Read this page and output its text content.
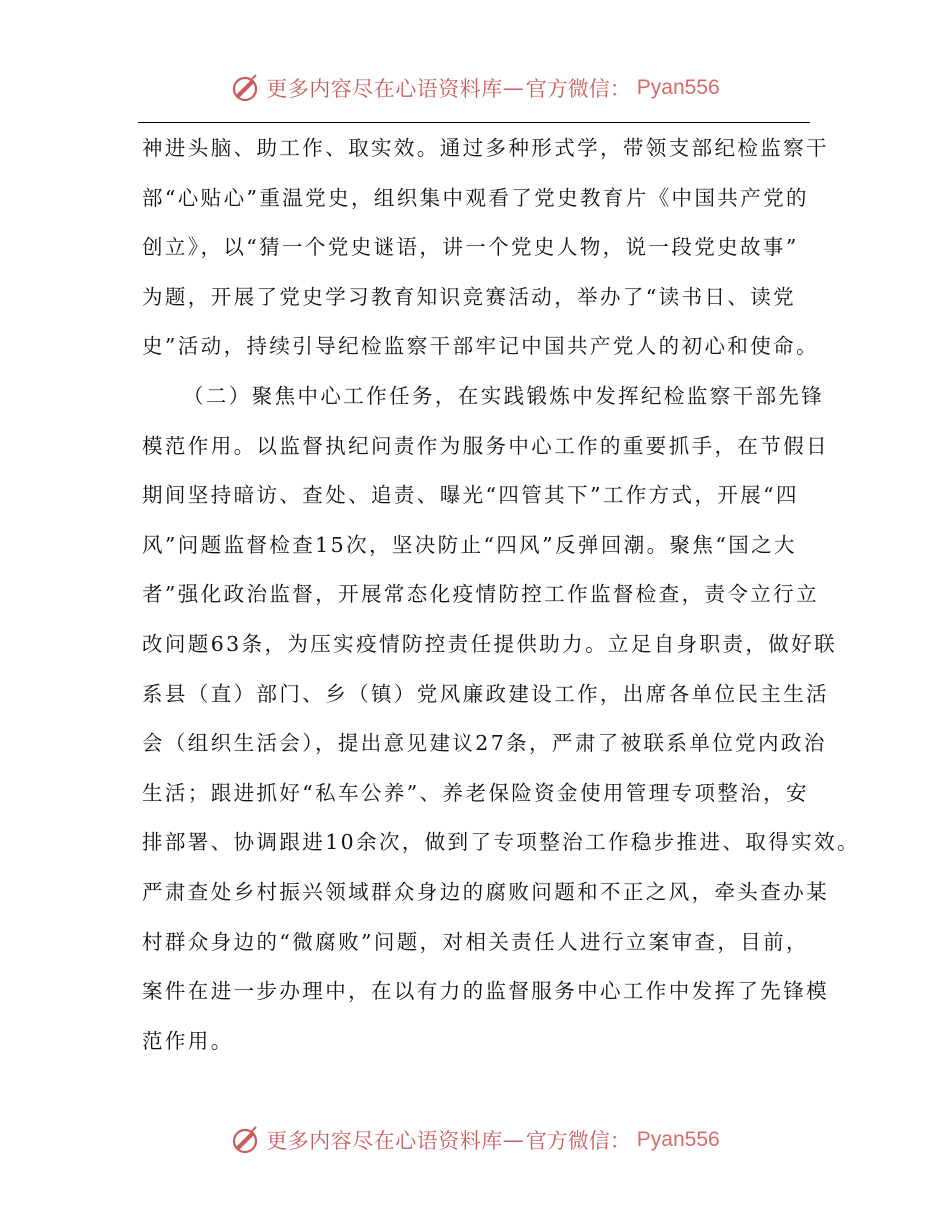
更多内容尽在心语资料库 — 官方微信： Pyan556
神进头脑、助工作、取实效。通过多种形式学，带领支部纪检监察干
部“心贴心”重温党史，组织集中观看了党史教育片《中国共产党的
创立》，以“猜一个党史谜语，讲一个党史人物，说一段党史故事”
为题，开展了党史学习教育知识竞赛活动，举办了“读书日、读党
史”活动，持续引导纪检监察干部牢记中国共产党人的初心和使命。
（二）聚焦中心工作任务，在实践锻炼中发挥纪检监察干部先锋
模范作用。以监督执纪问责作为服务中心工作的重要抓手，在节假日
期间坚持暗访、查处、追责、曝光“四管其下”工作方式，开展“四
风”问题监督检查15次，坚决防止“四风”反弹回潮。聚焦“国之大
者”强化政治监督，开展常态化疫情防控工作监督检查，责令立行立
改问题63条，为压实疫情防控责任提供助力。立足自身职责，做好联
系县（直）部门、乡（镇）党风廉政建设工作，出席各单位民主生活
会（组织生活会），提出意见建议27条，严肃了被联系单位党内政治
生活；跟进抓好“私车公养”、养老保险资金使用管理专项整治，安
排部署、协调跟进10余次，做到了专项整治工作稳步推进、取得实效。
严肃查处乡村振兴领域群众身边的腐败问题和不正之风，牵头查办某
村群众身边的“微腐败”问题，对相关责任人进行立案审查，目前，
案件在进一步办理中，在以有力的监督服务中心工作中发挥了先锋模
范作用。
更多内容尽在心语资料库 — 官方微信： Pyan556
